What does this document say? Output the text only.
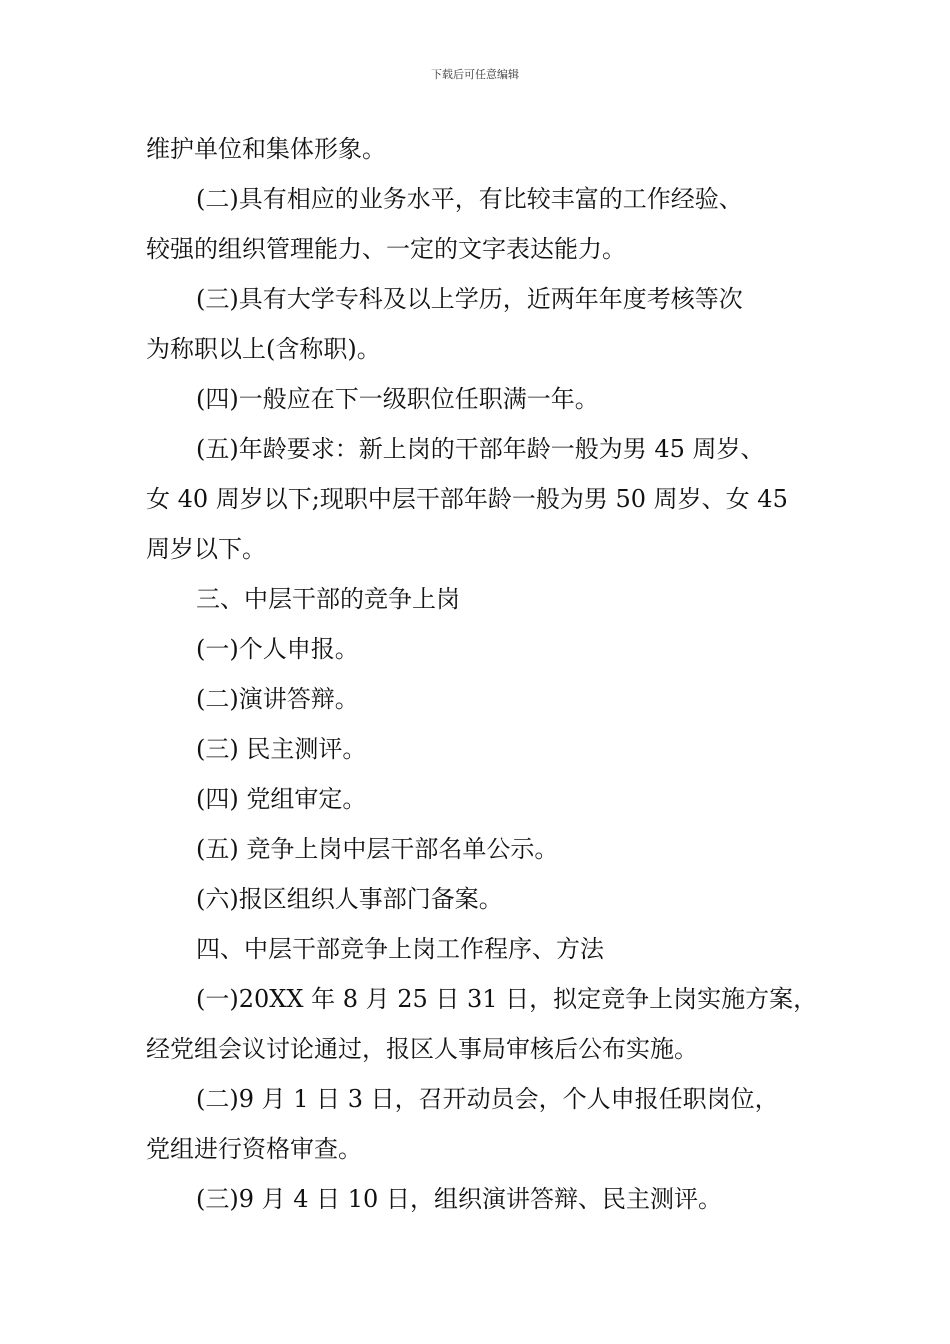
下载后可任意编辑
维护单位和集体形象。
(二)具有相应的业务水平，有比较丰富的工作经验、
较强的组织管理能力、一定的文字表达能力。
(三)具有大学专科及以上学历，近两年年度考核等次
为称职以上(含称职)。
(四)一般应在下一级职位任职满一年。
(五)年龄要求：新上岗的干部年龄一般为男 45 周岁、
女 40 周岁以下;现职中层干部年龄一般为男 50 周岁、女 45
周岁以下。
三、中层干部的竞争上岗
(一)个人申报。
(二)演讲答辩。
(三) 民主测评。
(四) 党组审定。
(五) 竞争上岗中层干部名单公示。
(六)报区组织人事部门备案。
四、中层干部竞争上岗工作程序、方法
(一)20XX 年 8 月 25 日 31 日，拟定竞争上岗实施方案，
经党组会议讨论通过，报区人事局审核后公布实施。
(二)9 月 1 日 3 日，召开动员会，个人申报任职岗位，
党组进行资格审查。
(三)9 月 4 日 10 日，组织演讲答辩、民主测评。
